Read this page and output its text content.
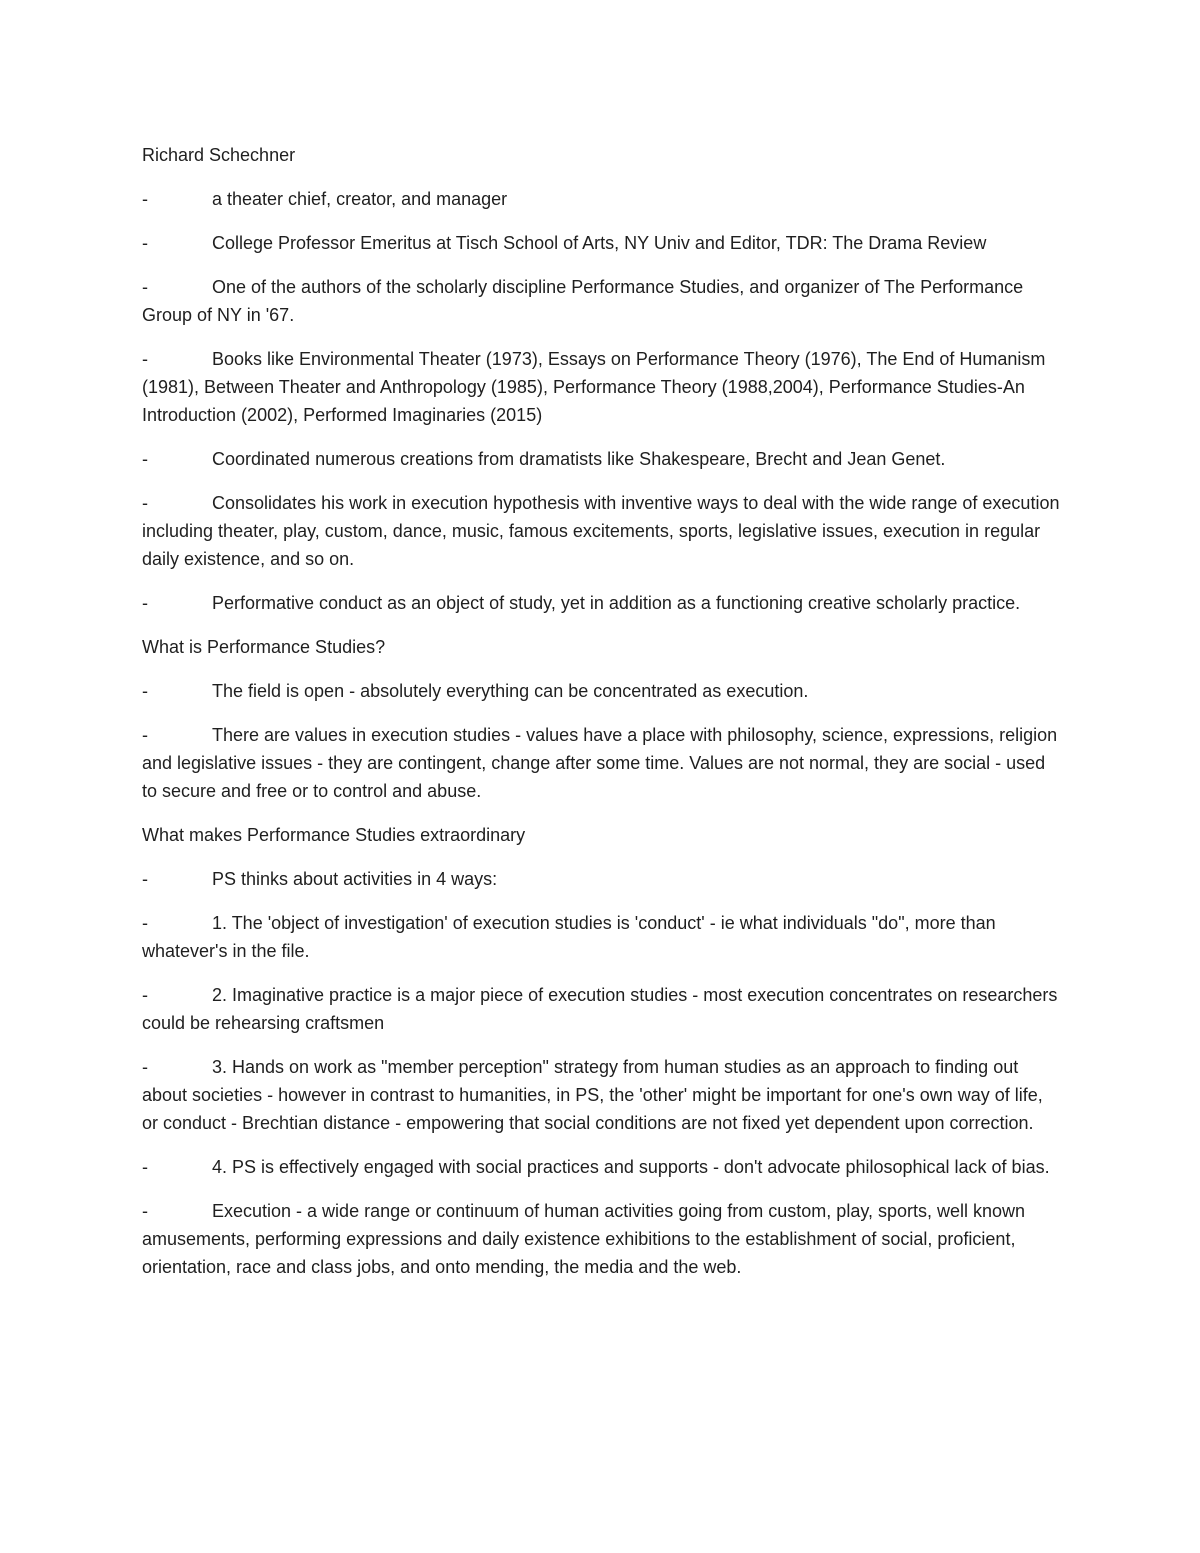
Richard Schechner

-	a theater chief, creator, and manager

-	College Professor Emeritus at Tisch School of Arts, NY Univ and Editor, TDR: The Drama Review

-	One of the authors of the scholarly discipline Performance Studies, and organizer of The Performance Group of NY in '67.

-	Books like Environmental Theater (1973), Essays on Performance Theory (1976), The End of Humanism (1981), Between Theater and Anthropology (1985), Performance Theory (1988,2004), Performance Studies-An Introduction (2002), Performed Imaginaries (2015)

-	Coordinated numerous creations from dramatists like Shakespeare, Brecht and Jean Genet.

-	Consolidates his work in execution hypothesis with inventive ways to deal with the wide range of execution including theater, play, custom, dance, music, famous excitements, sports, legislative issues, execution in regular daily existence, and so on.

-	Performative conduct as an object of study, yet in addition as a functioning creative scholarly practice.

What is Performance Studies?

-	The field is open - absolutely everything can be concentrated as execution.

-	There are values in execution studies - values have a place with philosophy, science, expressions, religion and legislative issues - they are contingent, change after some time. Values are not normal, they are social - used to secure and free or to control and abuse.

What makes Performance Studies extraordinary

-	PS thinks about activities in 4 ways:

-	1. The 'object of investigation' of execution studies is 'conduct' - ie what individuals "do", more than whatever's in the file.

-	2. Imaginative practice is a major piece of execution studies - most execution concentrates on researchers could be rehearsing craftsmen

-	3. Hands on work as "member perception" strategy from human studies as an approach to finding out about societies - however in contrast to humanities, in PS, the 'other' might be important for one's own way of life, or conduct - Brechtian distance - empowering that social conditions are not fixed yet dependent upon correction.

-	4. PS is effectively engaged with social practices and supports - don't advocate philosophical lack of bias.

-	Execution - a wide range or continuum of human activities going from custom, play, sports, well known amusements, performing expressions and daily existence exhibitions to the establishment of social, proficient, orientation, race and class jobs, and onto mending, the media and the web.
